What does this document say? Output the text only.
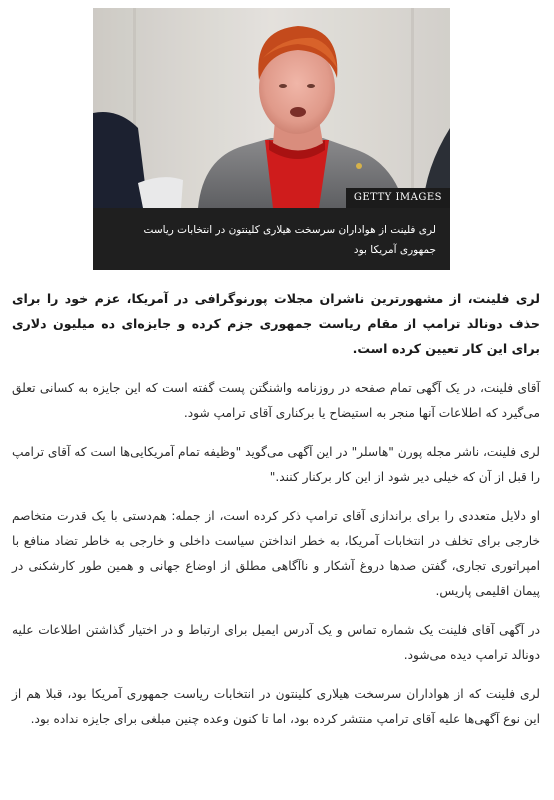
GETTY IMAGES
لری فلینت از هواداران سرسخت هیلاری کلینتون در انتخابات ریاست جمهوری آمریکا بود

لری فلینت، از مشهورترین ناشران مجلات پورنوگرافی در آمریکا، عزم خود را برای حذف دونالد ترامپ از مقام ریاست جمهوری جزم کرده و جایزه‌ای ده میلیون دلاری برای این کار تعیین کرده است.

آقای فلینت، در یک آگهی تمام صفحه در روزنامه واشنگتن پست گفته است که این جایزه به کسانی تعلق می‌گیرد که اطلاعات آنها منجر به استیضاح یا برکناری آقای ترامپ شود.

لری فلینت، ناشر مجله پورن "هاسلر" در این آگهی می‌گوید "وظیفه تمام آمریکایی‌ها است که آقای ترامپ را قبل از آن که خیلی دیر شود از این کار برکنار کنند."

او دلایل متعددی را برای براندازی آقای ترامپ ذکر کرده است، از جمله: هم‌دستی با یک قدرت متخاصم خارجی برای تخلف در انتخابات آمریکا، به خطر انداختن سیاست داخلی و خارجی به خاطر تضاد منافع با امپراتوری تجاری، گفتن صدها دروغ آشکار و ناآگاهی مطلق از اوضاع جهانی و همین طور کارشکنی در پیمان اقلیمی پاریس.

در آگهی آقای فلینت یک شماره تماس و یک آدرس ایمیل برای ارتباط و در اختیار گذاشتن اطلاعات علیه دونالد ترامپ دیده می‌شود.

لری فلینت که از هواداران سرسخت هیلاری کلینتون در انتخابات ریاست جمهوری آمریکا بود، قبلا هم از این نوع آگهی‌ها علیه آقای ترامپ منتشر کرده بود، اما تا کنون وعده چنین مبلغی برای جایزه نداده بود.
